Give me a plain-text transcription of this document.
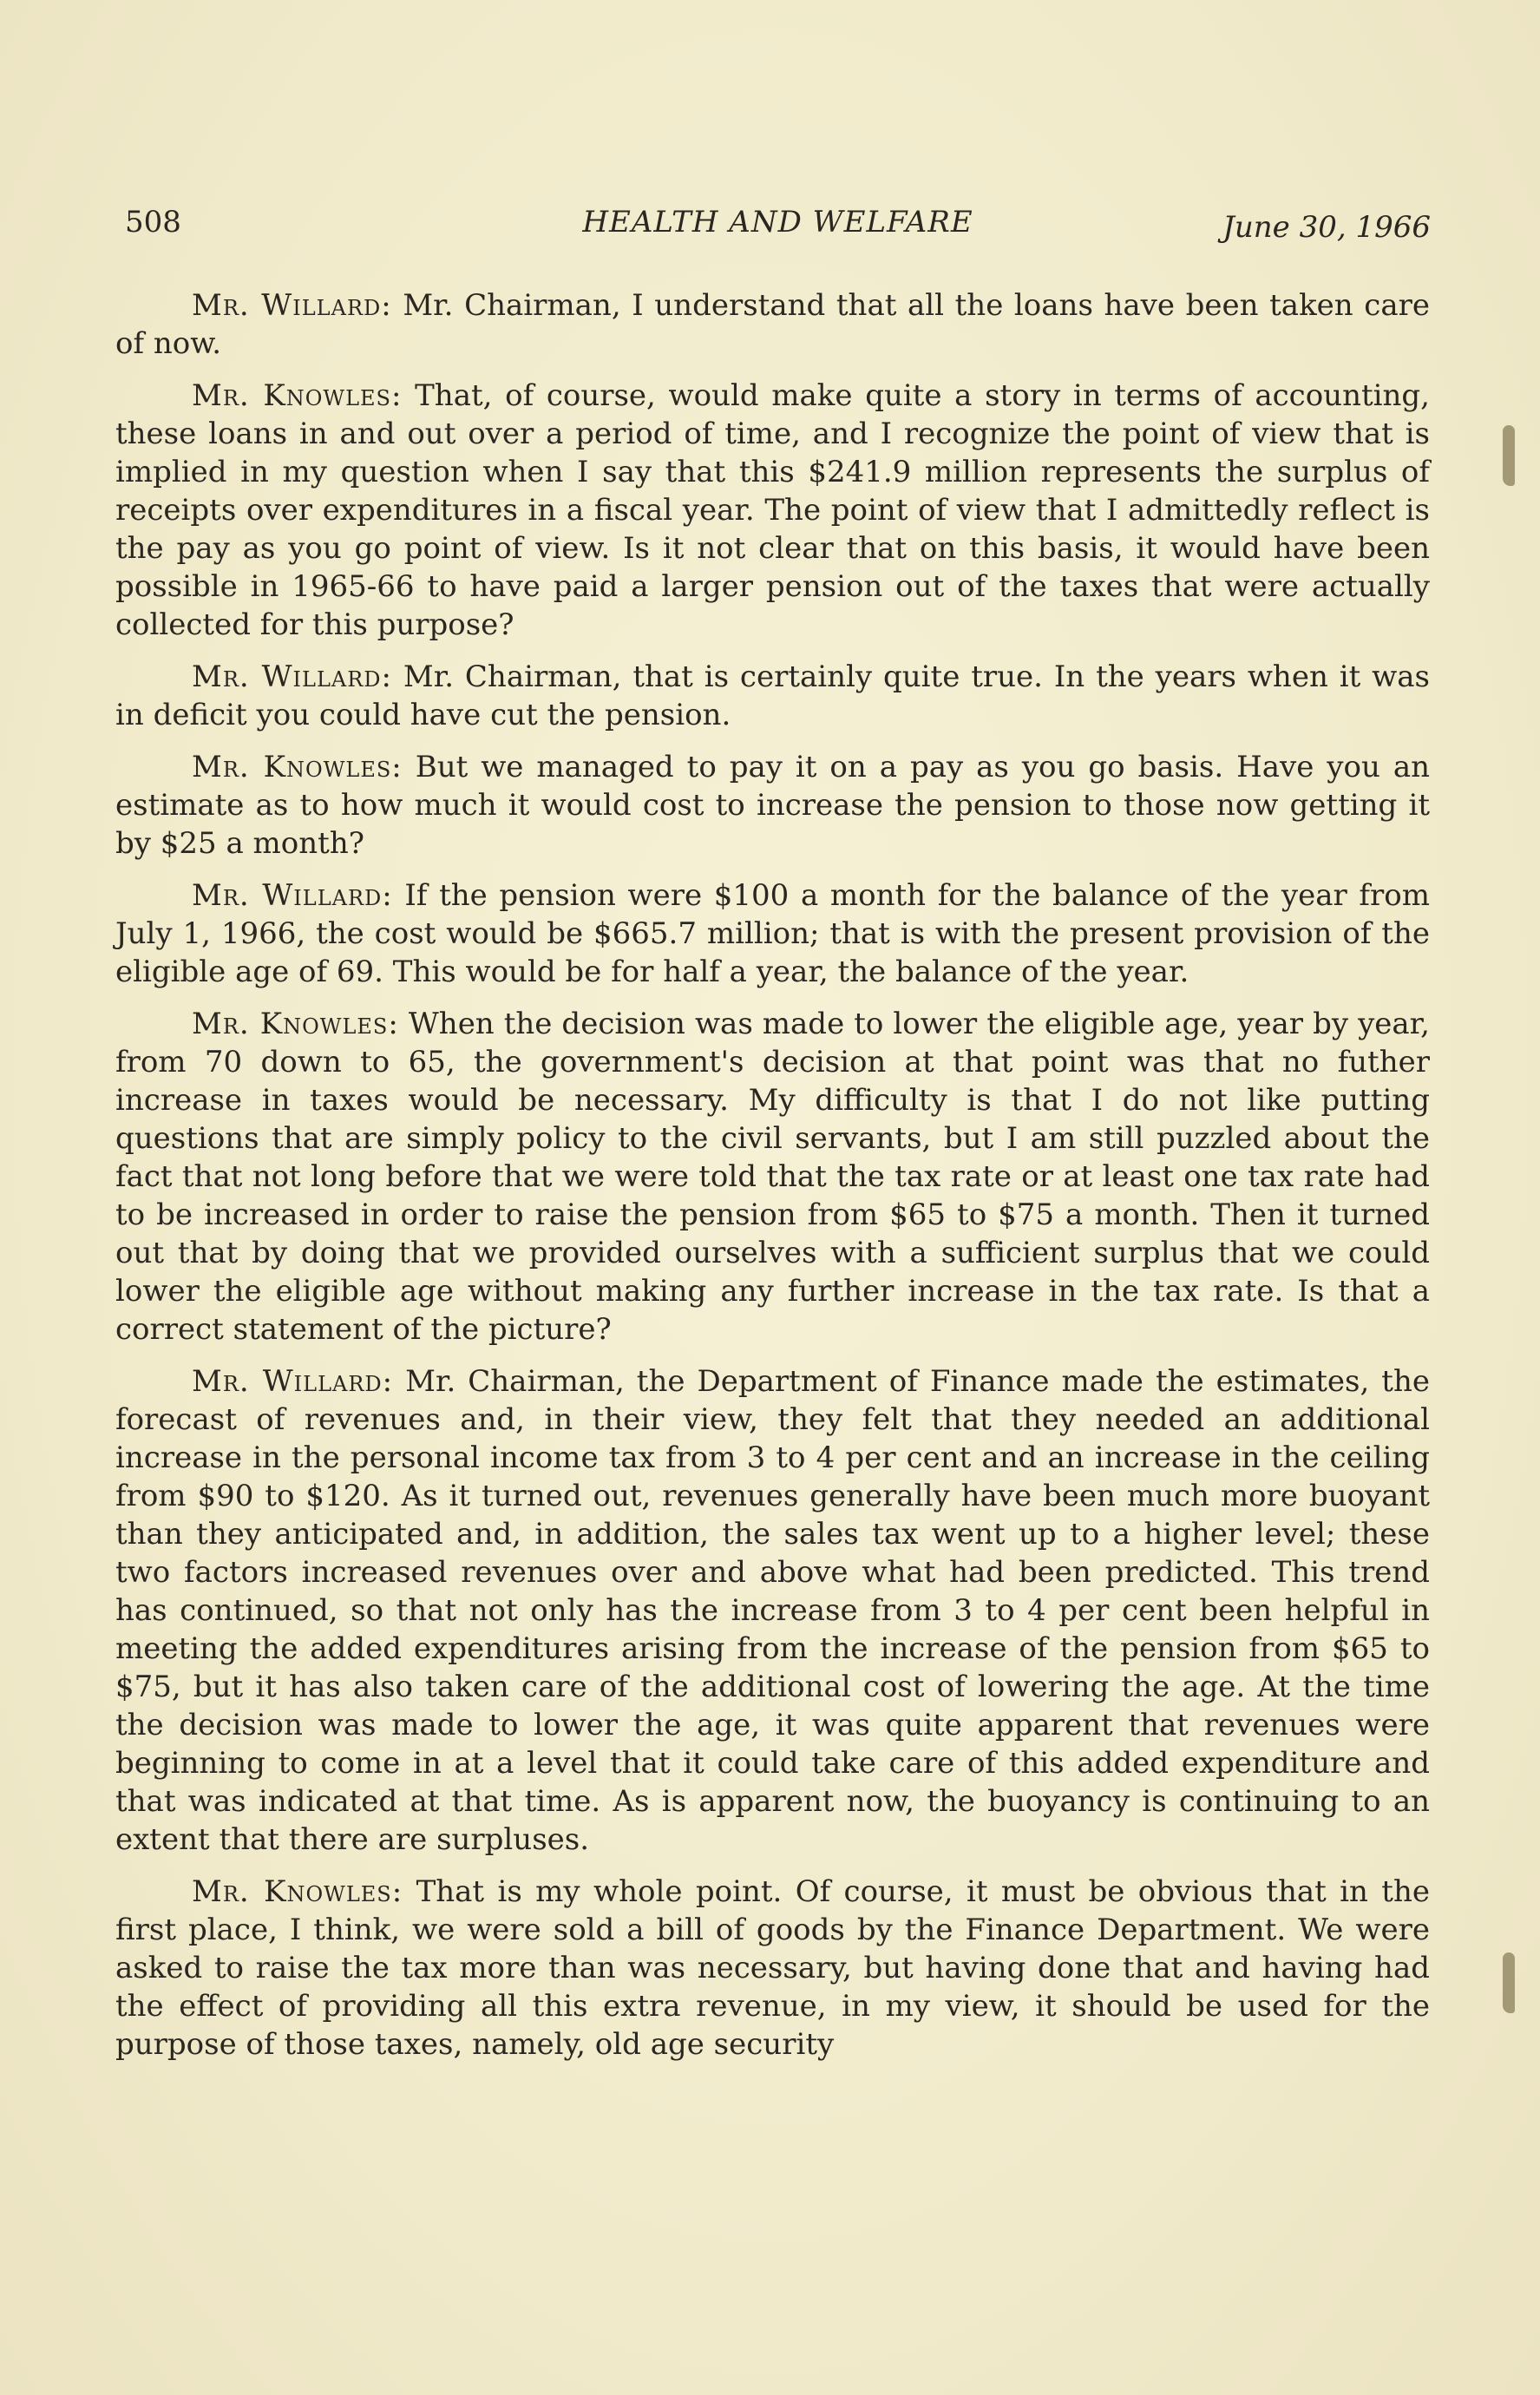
508	HEALTH AND WELFARE	June 30, 1966

Mr. Willard: Mr. Chairman, I understand that all the loans have been taken care of now.

Mr. Knowles: That, of course, would make quite a story in terms of accounting, these loans in and out over a period of time, and I recognize the point of view that is implied in my question when I say that this $241.9 million represents the surplus of receipts over expenditures in a fiscal year. The point of view that I admittedly reflect is the pay as you go point of view. Is it not clear that on this basis, it would have been possible in 1965-66 to have paid a larger pension out of the taxes that were actually collected for this purpose?

Mr. Willard: Mr. Chairman, that is certainly quite true. In the years when it was in deficit you could have cut the pension.

Mr. Knowles: But we managed to pay it on a pay as you go basis. Have you an estimate as to how much it would cost to increase the pension to those now getting it by $25 a month?

Mr. Willard: If the pension were $100 a month for the balance of the year from July 1, 1966, the cost would be $665.7 million; that is with the present provision of the eligible age of 69. This would be for half a year, the balance of the year.

Mr. Knowles: When the decision was made to lower the eligible age, year by year, from 70 down to 65, the government's decision at that point was that no futher increase in taxes would be necessary. My difficulty is that I do not like putting questions that are simply policy to the civil servants, but I am still puzzled about the fact that not long before that we were told that the tax rate or at least one tax rate had to be increased in order to raise the pension from $65 to $75 a month. Then it turned out that by doing that we provided ourselves with a sufficient surplus that we could lower the eligible age without making any further increase in the tax rate. Is that a correct statement of the picture?

Mr. Willard: Mr. Chairman, the Department of Finance made the estimates, the forecast of revenues and, in their view, they felt that they needed an additional increase in the personal income tax from 3 to 4 per cent and an increase in the ceiling from $90 to $120. As it turned out, revenues generally have been much more buoyant than they anticipated and, in addition, the sales tax went up to a higher level; these two factors increased revenues over and above what had been predicted. This trend has continued, so that not only has the increase from 3 to 4 per cent been helpful in meeting the added expenditures arising from the increase of the pension from $65 to $75, but it has also taken care of the additional cost of lowering the age. At the time the decision was made to lower the age, it was quite apparent that revenues were beginning to come in at a level that it could take care of this added expenditure and that was indicated at that time. As is apparent now, the buoyancy is continuing to an extent that there are surpluses.

Mr. Knowles: That is my whole point. Of course, it must be obvious that in the first place, I think, we were sold a bill of goods by the Finance Department. We were asked to raise the tax more than was necessary, but having done that and having had the effect of providing all this extra revenue, in my view, it should be used for the purpose of those taxes, namely, old age security
